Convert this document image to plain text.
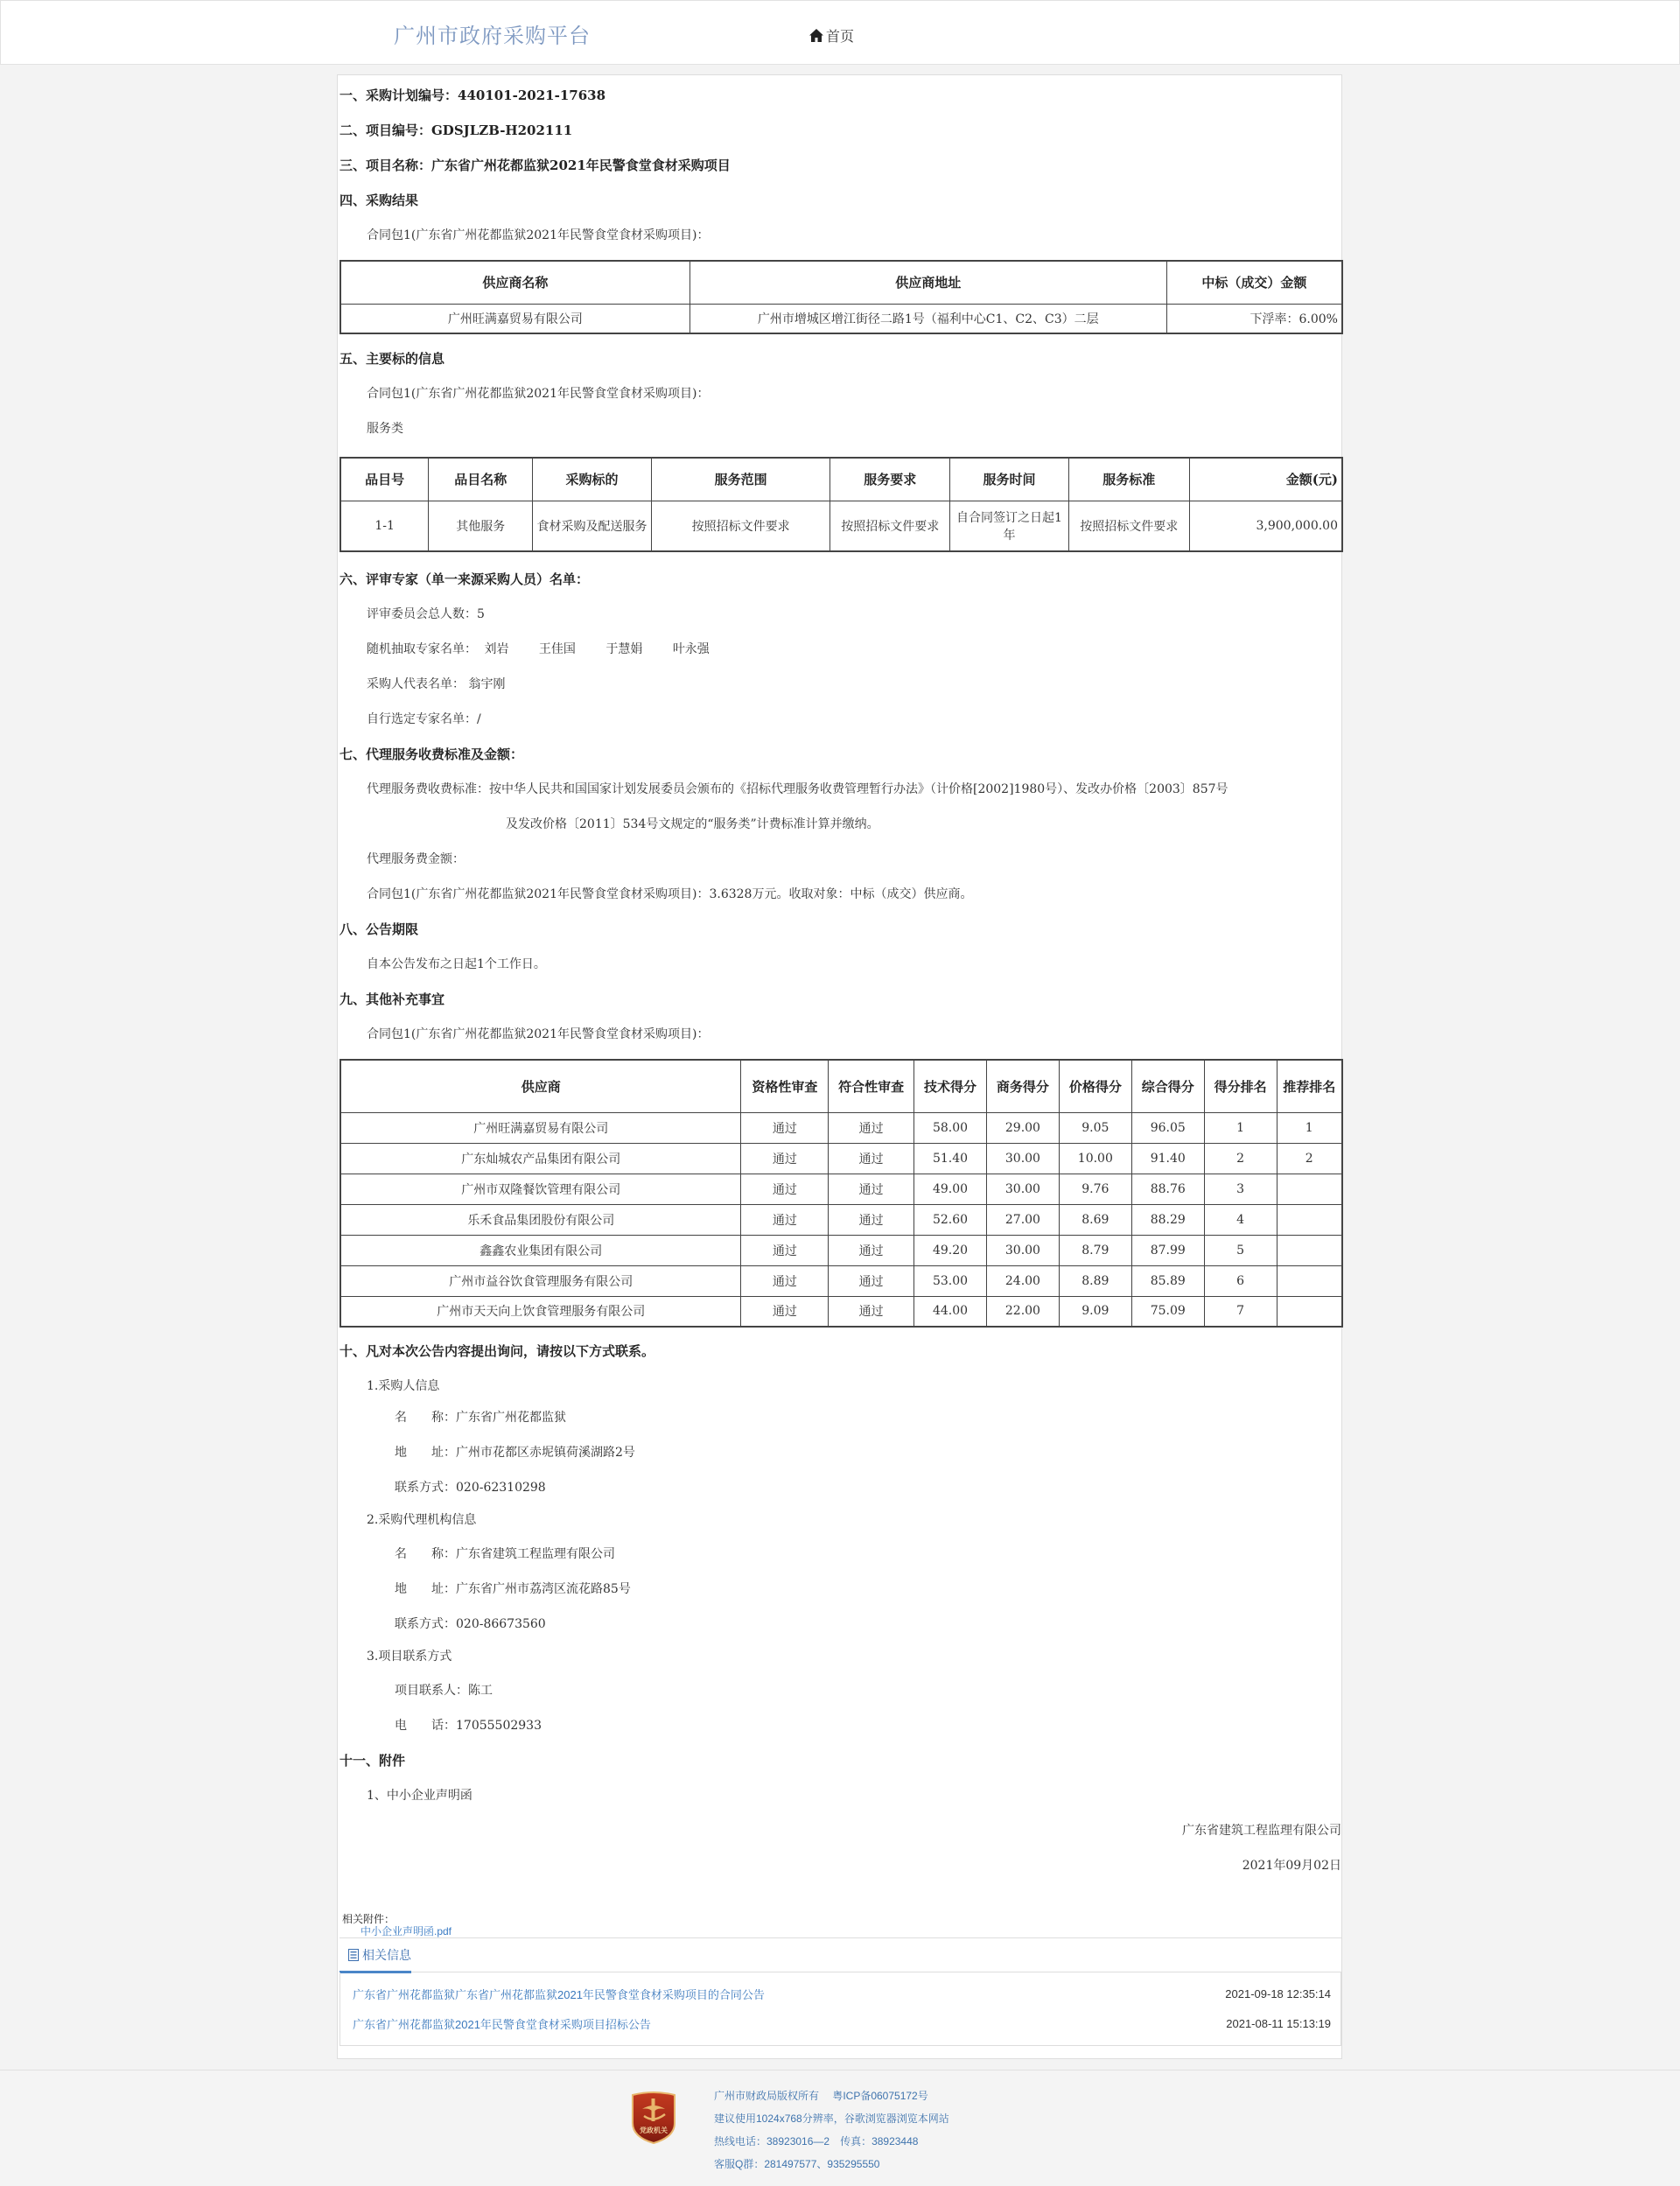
广州市政府采购平台	首页
一、采购计划编号：440101-2021-17638
二、项目编号：GDSJLZB-H202111
三、项目名称：广东省广州花都监狱2021年民警食堂食材采购项目
四、采购结果
合同包1(广东省广州花都监狱2021年民警食堂食材采购项目)：
供应商名称	供应商地址	中标（成交）金额
广州旺满嘉贸易有限公司	广州市增城区增江街径二路1号（福利中心C1、C2、C3）二层	下浮率：6.00%
五、主要标的信息
合同包1(广东省广州花都监狱2021年民警食堂食材采购项目)：
服务类
品目号	品目名称	采购标的	服务范围	服务要求	服务时间	服务标准	金额(元)
1-1	其他服务	食材采购及配送服务	按照招标文件要求	按照招标文件要求	自合同签订之日起1年	按照招标文件要求	3,900,000.00
六、评审专家（单一来源采购人员）名单：
评审委员会总人数：5
随机抽取专家名单： 刘岩 王佳国 于慧娟 叶永强
采购人代表名单： 翁宇刚
自行选定专家名单：/
七、代理服务收费标准及金额：
代理服务费收费标准：按中华人民共和国国家计划发展委员会颁布的《招标代理服务收费管理暂行办法》（计价格[2002]1980号）、发改办价格〔2003〕857号
及发改价格〔2011〕534号文规定的“服务类”计费标准计算并缴纳。
代理服务费金额：
合同包1(广东省广州花都监狱2021年民警食堂食材采购项目)：3.6328万元。收取对象：中标（成交）供应商。
八、公告期限
自本公告发布之日起1个工作日。
九、其他补充事宜
合同包1(广东省广州花都监狱2021年民警食堂食材采购项目)：
供应商	资格性审查	符合性审查	技术得分	商务得分	价格得分	综合得分	得分排名	推荐排名
广州旺满嘉贸易有限公司	通过	通过	58.00	29.00	9.05	96.05	1	1
广东灿城农产品集团有限公司	通过	通过	51.40	30.00	10.00	91.40	2	2
广州市双隆餐饮管理有限公司	通过	通过	49.00	30.00	9.76	88.76	3	
乐禾食品集团股份有限公司	通过	通过	52.60	27.00	8.69	88.29	4	
鑫鑫农业集团有限公司	通过	通过	49.20	30.00	8.79	87.99	5	
广州市益谷饮食管理服务有限公司	通过	通过	53.00	24.00	8.89	85.89	6	
广州市天天向上饮食管理服务有限公司	通过	通过	44.00	22.00	9.09	75.09	7	
十、凡对本次公告内容提出询问，请按以下方式联系。
1.采购人信息
名　　称：广东省广州花都监狱
地　　址：广州市花都区赤坭镇荷溪湖路2号
联系方式：020-62310298
2.采购代理机构信息
名　　称：广东省建筑工程监理有限公司
地　　址：广东省广州市荔湾区流花路85号
联系方式：020-86673560
3.项目联系方式
项目联系人：陈工
电　　话：17055502933
十一、附件
1、中小企业声明函
广东省建筑工程监理有限公司
2021年09月02日
相关附件：
中小企业声明函.pdf
相关信息
广东省广州花都监狱广东省广州花都监狱2021年民警食堂食材采购项目的合同公告	2021-09-18 12:35:14
广东省广州花都监狱2021年民警食堂食材采购项目招标公告	2021-08-11 15:13:19
党政机关
广州市财政局版权所有　 粤ICP备06075172号
建议使用1024x768分辨率，谷歌浏览器浏览本网站
热线电话：38923016—2　传真：38923448
客服Q群：281497577、935295550
